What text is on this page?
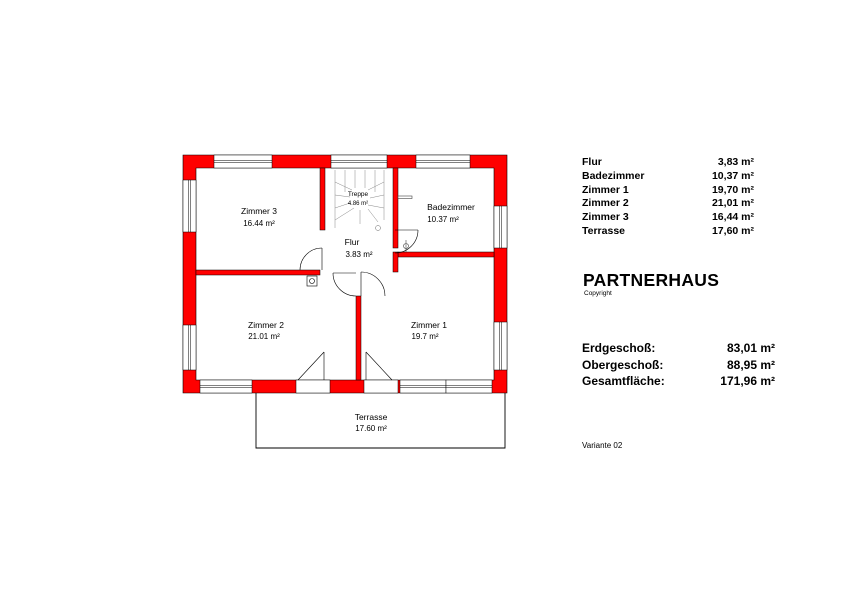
Zimmer 3
16.44 m²
Treppe
4.86 m²	Badezimmer
10.37 m²
Flur
3.83 m²
Zimmer 2
21.01 m²
Zimmer 1
19.7 m²
Terrasse
17.60 m²
Flur	3,83 m²
Badezimmer	10,37 m²
Zimmer 1	19,70 m²
Zimmer 2	21,01 m²
Zimmer 3	16,44 m²
Terrasse	17,60 m²
PARTNERHAUS
Copyright
Erdgeschoß:	83,01 m²
Obergeschoß:	88,95 m²
Gesamtfläche:	171,96 m²
Variante 02
